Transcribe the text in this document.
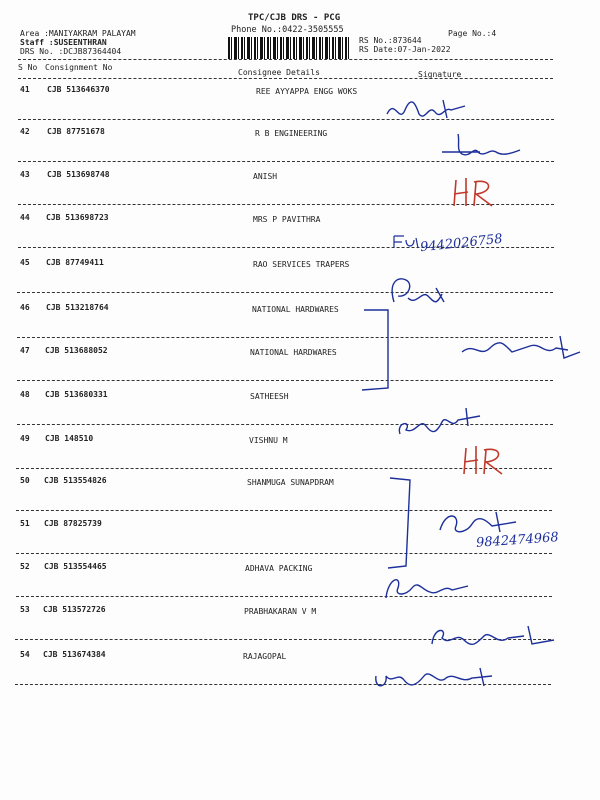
TPC/CJB DRS - PCG
Phone No.:0422-3505555
Area :MANIYAKRAM PALAYAM
Staff :SUSEENTHRAN
DRS No. :DCJB87364404
RS No.:873644
RS Date:07-Jan-2022
Page No.:4
S No Consignment No
Consignee Details	Signature
41 CJB 513646370	REE AYYAPPA ENGG WOKS
42 CJB 87751678	R B ENGINEERING
43 CJB 513698748	ANISH
44 CJB 513698723	MRS P PAVITHRA
45 CJB 87749411	RAO SERVICES TRAPERS
46 CJB 513218764	NATIONAL HARDWARES
47 CJB 513688052	NATIONAL HARDWARES
48 CJB 513680331	SATHEESH
49 CJB 148510	VISHNU M
50 CJB 513554826	SHANMUGA SUNAPDRAM
51 CJB 87825739
52 CJB 513554465	ADHAVA PACKING
53 CJB 513572726	PRABHAKARAN V M
54 CJB 513674384	RAJAGOPAL
9442026758
9842474968
